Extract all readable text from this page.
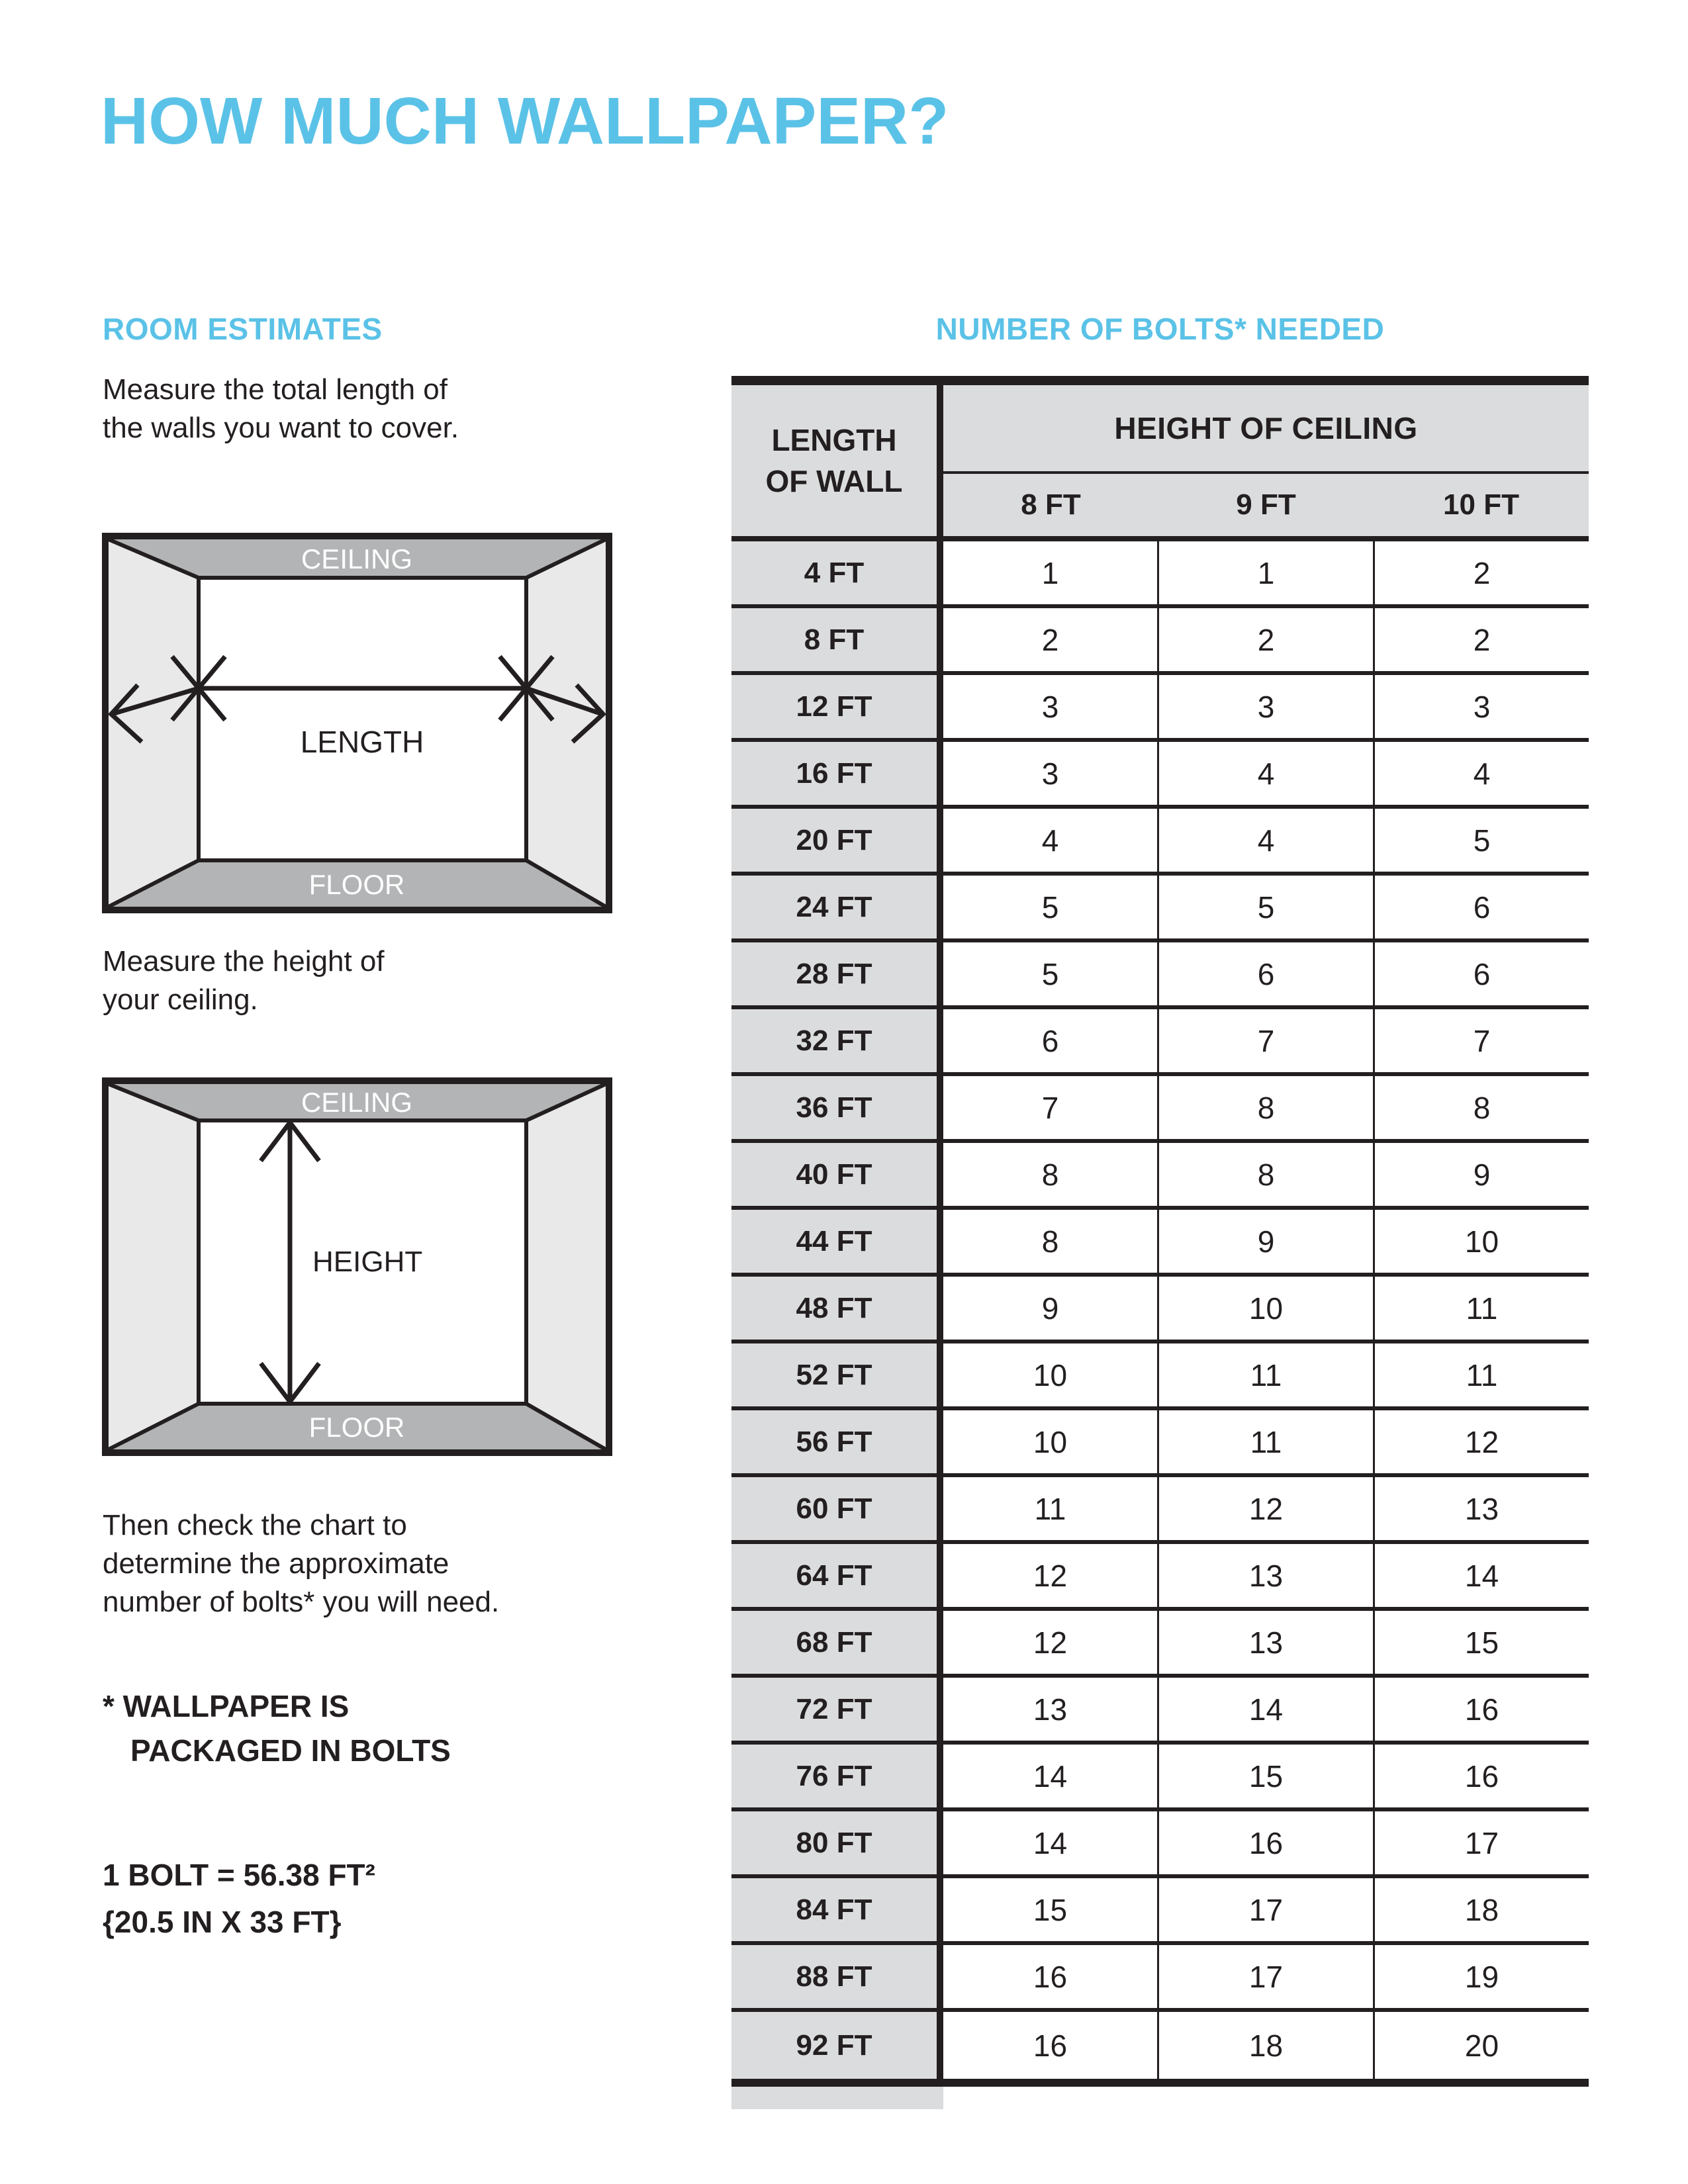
HOW MUCH WALLPAPER?
ROOM ESTIMATES
Measure the total length of
the walls you want to cover.
CEILING
FLOOR
LENGTH
Measure the height of
your ceiling.
CEILING
FLOOR
HEIGHT
Then check the chart to
determine the approximate
number of bolts* you will need.
* WALLPAPER IS
PACKAGED IN BOLTS
1 BOLT = 56.38 FT²
{20.5 IN X 33 FT}
NUMBER OF BOLTS* NEEDED
LENGTH
OF WALL
HEIGHT OF CEILING
8 FT	9 FT	10 FT
4 FT	1	1	2
8 FT	2	2	2
12 FT	3	3	3
16 FT	3	4	4
20 FT	4	4	5
24 FT	5	5	6
28 FT	5	6	6
32 FT	6	7	7
36 FT	7	8	8
40 FT	8	8	9
44 FT	8	9	10
48 FT	9	10	11
52 FT	10	11	11
56 FT	10	11	12
60 FT	11	12	13
64 FT	12	13	14
68 FT	12	13	15
72 FT	13	14	16
76 FT	14	15	16
80 FT	14	16	17
84 FT	15	17	18
88 FT	16	17	19
92 FT	16	18	20
